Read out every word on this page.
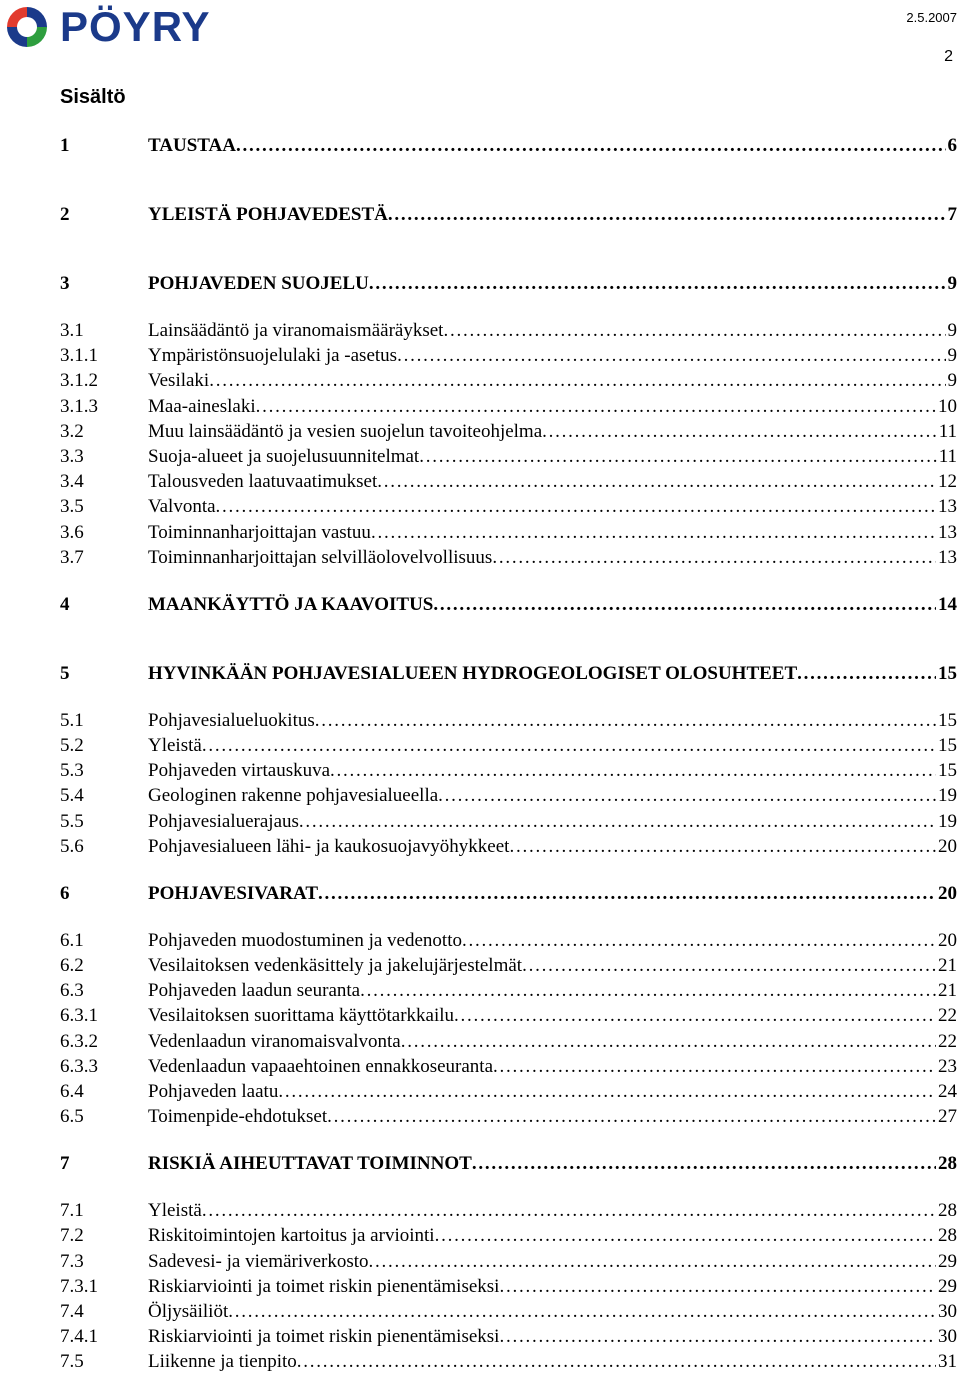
PÖYRY	2.5.2007
2
Sisältö
1	TAUSTAA . . .	6
2	YLEISTÄ POHJAVEDESTÄ . . .	7
3	POHJAVEDEN SUOJELU . . .	9
3.1	Lainsäädäntö ja viranomaismääräykset . . .	9
3.1.1	Ympäristönsuojelulaki ja -asetus . . .	9
3.1.2	Vesilaki . . .	9
3.1.3	Maa-aineslaki . . .	10
3.2	Muu lainsäädäntö ja vesien suojelun tavoiteohjelma . . .	11
3.3	Suoja-alueet ja suojelusuunnitelmat . . .	11
3.4	Talousveden laatuvaatimukset . . .	12
3.5	Valvonta . . .	13
3.6	Toiminnanharjoittajan vastuu . . .	13
3.7	Toiminnanharjoittajan selvilläolovelvollisuus . . .	13
4	MAANKÄYTTÖ JA KAAVOITUS . . .	14
5	HYVINKÄÄN POHJAVESIALUEEN HYDROGEOLOGISET OLOSUHTEET . . .	15
5.1	Pohjavesialueluokitus . . .	15
5.2	Yleistä . . .	15
5.3	Pohjaveden virtauskuva . . .	15
5.4	Geologinen rakenne pohjavesialueella . . .	19
5.5	Pohjavesialuerajaus . . .	19
5.6	Pohjavesialueen lähi- ja kaukosuojavyöhykkeet . . .	20
6	POHJAVESIVARAT . . .	20
6.1	Pohjaveden muodostuminen ja vedenotto . . .	20
6.2	Vesilaitoksen vedenkäsittely ja jakelujärjestelmät . . .	21
6.3	Pohjaveden laadun seuranta . . .	21
6.3.1	Vesilaitoksen suorittama käyttötarkkailu . . .	22
6.3.2	Vedenlaadun viranomaisvalvonta . . .	22
6.3.3	Vedenlaadun vapaaehtoinen ennakkoseuranta . . .	23
6.4	Pohjaveden laatu . . .	24
6.5	Toimenpide-ehdotukset . . .	27
7	RISKIÄ AIHEUTTAVAT TOIMINNOT . . .	28
7.1	Yleistä . . .	28
7.2	Riskitoimintojen kartoitus ja arviointi . . .	28
7.3	Sadevesi- ja viemäriverkosto . . .	29
7.3.1	Riskiarviointi ja toimet riskin pienentämiseksi . . .	29
7.4	Öljysäiliöt . . .	30
7.4.1	Riskiarviointi ja toimet riskin pienentämiseksi . . .	30
7.5	Liikenne ja tienpito . . .	31
